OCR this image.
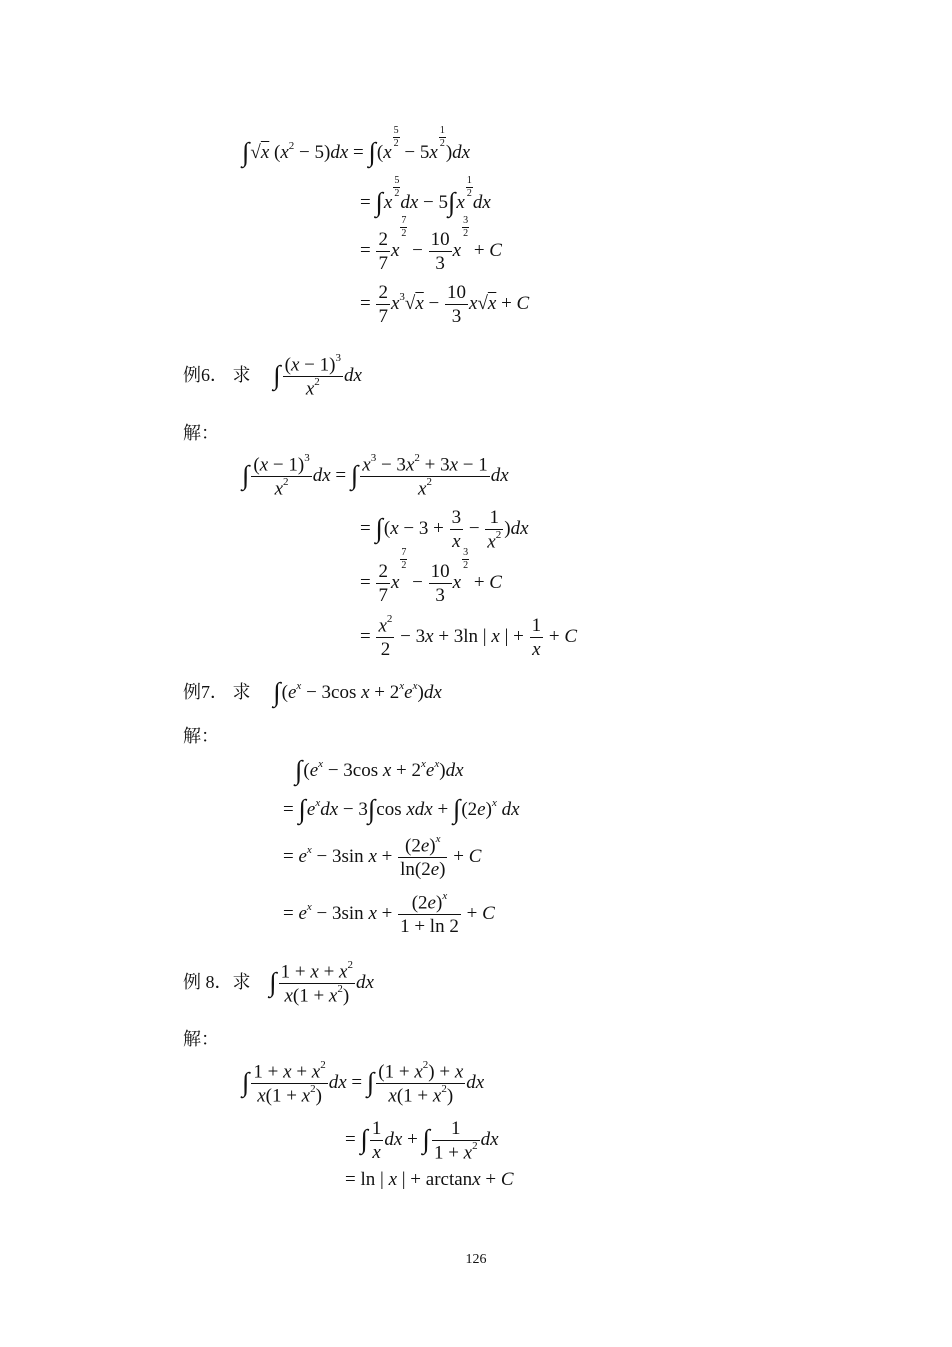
∫√x $(x^2 - 5)dx = \int(x$
$\frac{5}{2}$
− 5x
$\frac{1}{2}$
)dx
= ∫x
$\frac{5}{2}$
dx − 5∫x
$\frac{1}{2}$
dx
= $\frac{2}{7}$ x
$\frac{7}{2}$
− $\frac{10}{3}$ x
$\frac{3}{2}$
+ C
= $\frac{2}{7} x^3√x - \frac{10}{3} x√x + C$
例6． 求 ∫ $\frac{(x - 1)^3}{x^2}$ dx
解：
∫ $\frac{(x - 1)^3}{x^2}$ dx = ∫ $\frac{x^3 - 3x^2 + 3x - 1}{x^2}$ dx
= $\int(x - 3 + \frac{3}{x} - \frac{1}{x^2} )dx$
= $\frac{2}{7}$ x
$\frac{7}{2}$
− $\frac{10}{3}$ x
$\frac{3}{2}$
+ C
= $\frac{x^2}{2} - 3x + 3\ln$ | x | + $\frac{1}{x} + C$
例7． 求 $\int(e^x - 3\cos$ $x + 2^xe^x)dx$
解：
$\int(e^x - 3\cos$ $x + 2^xe^x)dx$
= $\int e^xdx - 3\int\cos$ xdx + $\int(2e)^x$ dx
= $e^x - 3\sin$ $x + \frac{(2e)^x}{\ln(2e)} + C$
= $e^x - 3\sin$ $x + \frac{(2e)^x}{1 + \ln 2} + C$
例 8．求 ∫ $\frac{1 + x + x^2}{x(1 + x^2)}$ dx
解：
∫ $\frac{1 + x + x^2}{x(1 + x^2)}$ dx = ∫ $\frac{(1 + x^2) + x}{x(1 + x^2)}$ dx
= ∫ $\frac{1}{x}$ dx + ∫ $\frac{1}{1 + x^2}$ dx
= ln | x | + arctanx + C
126
